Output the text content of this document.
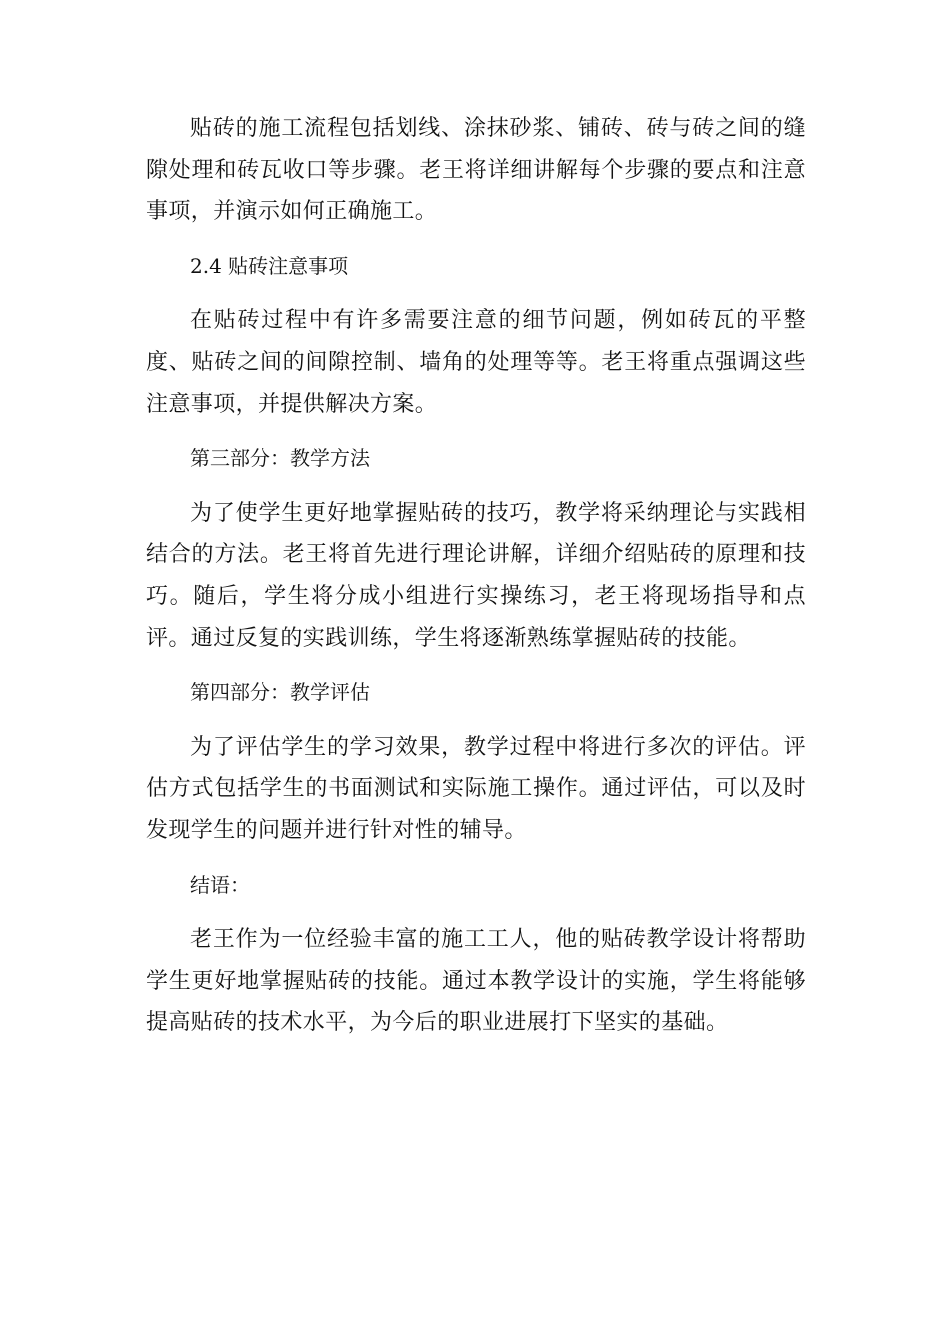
贴砖的施工流程包括划线、涂抹砂浆、铺砖、砖与砖之间的缝隙处理和砖瓦收口等步骤。老王将详细讲解每个步骤的要点和注意事项，并演示如何正确施工。

2.4 贴砖注意事项

在贴砖过程中有许多需要注意的细节问题，例如砖瓦的平整度、贴砖之间的间隙控制、墙角的处理等等。老王将重点强调这些注意事项，并提供解决方案。

第三部分：教学方法

为了使学生更好地掌握贴砖的技巧，教学将采纳理论与实践相结合的方法。老王将首先进行理论讲解，详细介绍贴砖的原理和技巧。随后，学生将分成小组进行实操练习，老王将现场指导和点评。通过反复的实践训练，学生将逐渐熟练掌握贴砖的技能。

第四部分：教学评估

为了评估学生的学习效果，教学过程中将进行多次的评估。评估方式包括学生的书面测试和实际施工操作。通过评估，可以及时发现学生的问题并进行针对性的辅导。

结语：

老王作为一位经验丰富的施工工人，他的贴砖教学设计将帮助学生更好地掌握贴砖的技能。通过本教学设计的实施，学生将能够提高贴砖的技术水平，为今后的职业进展打下坚实的基础。
